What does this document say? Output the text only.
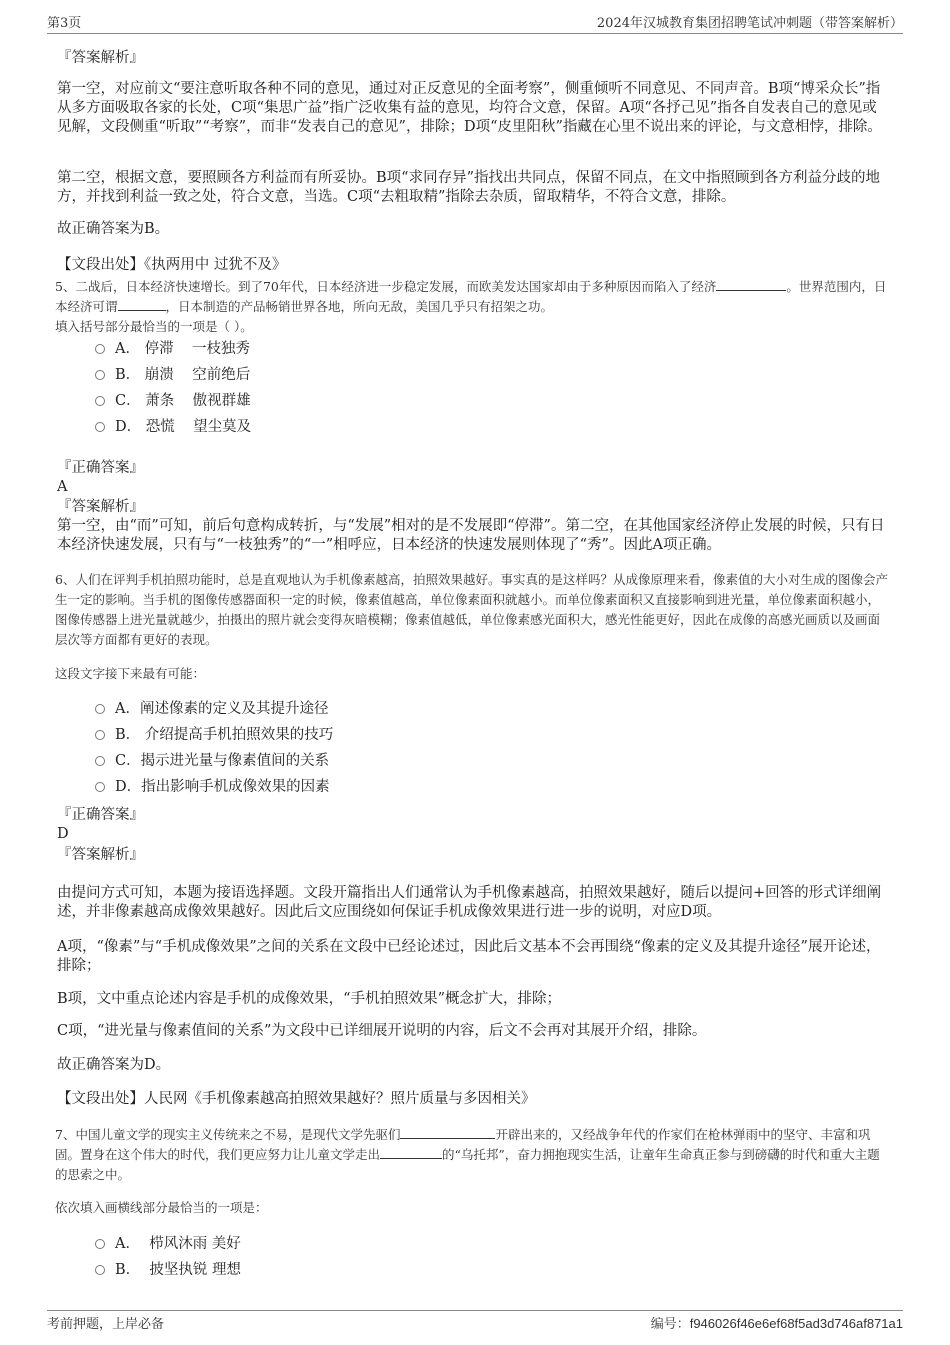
第3页	2024年汉城教育集团招聘笔试冲刺题（带答案解析）
『答案解析』
第一空，对应前文“要注意听取各种不同的意见，通过对正反意见的全面考察”，侧重倾听不同意见、不同声音。B项“博采众长”指从多方面吸取各家的长处，C项“集思广益”指广泛收集有益的意见，均符合文意，保留。A项“各抒己见”指各自发表自己的意见或见解，文段侧重“听取”“考察”，而非“发表自己的意见”，排除；D项“皮里阳秋”指藏在心里不说出来的评论，与文意相悖，排除。
第二空，根据文意，要照顾各方利益而有所妥协。B项“求同存异”指找出共同点，保留不同点，在文中指照顾到各方利益分歧的地方，并找到利益一致之处，符合文意，当选。C项“去粗取精”指除去杂质，留取精华，不符合文意，排除。
故正确答案为B。
【文段出处】《执两用中 过犹不及》
5、二战后，日本经济快速增长。到了70年代，日本经济进一步稳定发展，而欧美发达国家却由于多种原因而陷入了经济	。世界范围内，日本经济可谓	，日本制造的产品畅销世界各地，所向无敌，美国几乎只有招架之功。
填入括号部分最恰当的一项是（ ）。
A． 停滞    一枝独秀
B． 崩溃    空前绝后
C． 萧条    傲视群雄
D． 恐慌    望尘莫及
『正确答案』
A
『答案解析』
第一空，由“而”可知，前后句意构成转折，与“发展”相对的是不发展即“停滞”。第二空，在其他国家经济停止发展的时候，只有日本经济快速发展，只有与“一枝独秀”的“一”相呼应，日本经济的快速发展则体现了“秀”。因此A项正确。
6、人们在评判手机拍照功能时，总是直观地认为手机像素越高，拍照效果越好。事实真的是这样吗？从成像原理来看，像素值的大小对生成的图像会产生一定的影响。当手机的图像传感器面积一定的时候，像素值越高，单位像素面积就越小。而单位像素面积又直接影响到进光量，单位像素面积越小，图像传感器上进光量就越少，拍摄出的照片就会变得灰暗模糊；像素值越低，单位像素感光面积大，感光性能更好，因此在成像的高感光画质以及画面层次等方面都有更好的表现。
这段文字接下来最有可能：
A．阐述像素的定义及其提升途径
B． 介绍提高手机拍照效果的技巧
C．揭示进光量与像素值间的关系
D．指出影响手机成像效果的因素
『正确答案』
D
『答案解析』
由提问方式可知，本题为接语选择题。文段开篇指出人们通常认为手机像素越高，拍照效果越好，随后以提问+回答的形式详细阐述，并非像素越高成像效果越好。因此后文应围绕如何保证手机成像效果进行进一步的说明，对应D项。
A项，“像素”与“手机成像效果”之间的关系在文段中已经论述过，因此后文基本不会再围绕“像素的定义及其提升途径”展开论述，排除；
B项，文中重点论述内容是手机的成像效果，“手机拍照效果”概念扩大，排除；
C项，“进光量与像素值间的关系”为文段中已详细展开说明的内容，后文不会再对其展开介绍，排除。
故正确答案为D。
【文段出处】人民网《手机像素越高拍照效果越好？照片质量与多因相关》
7、中国儿童文学的现实主义传统来之不易，是现代文学先驱们	开辟出来的，又经战争年代的作家们在枪林弹雨中的坚守、丰富和巩固。置身在这个伟大的时代，我们更应努力让儿童文学走出	的“乌托邦”，奋力拥抱现实生活，让童年生命真正参与到磅礴的时代和重大主题的思索之中。
依次填入画横线部分最恰当的一项是：
A．  栉风沐雨 美好
B．  披坚执锐 理想
考前押题，上岸必备	编号：f946026f46e6ef68f5ad3d746af871a1
